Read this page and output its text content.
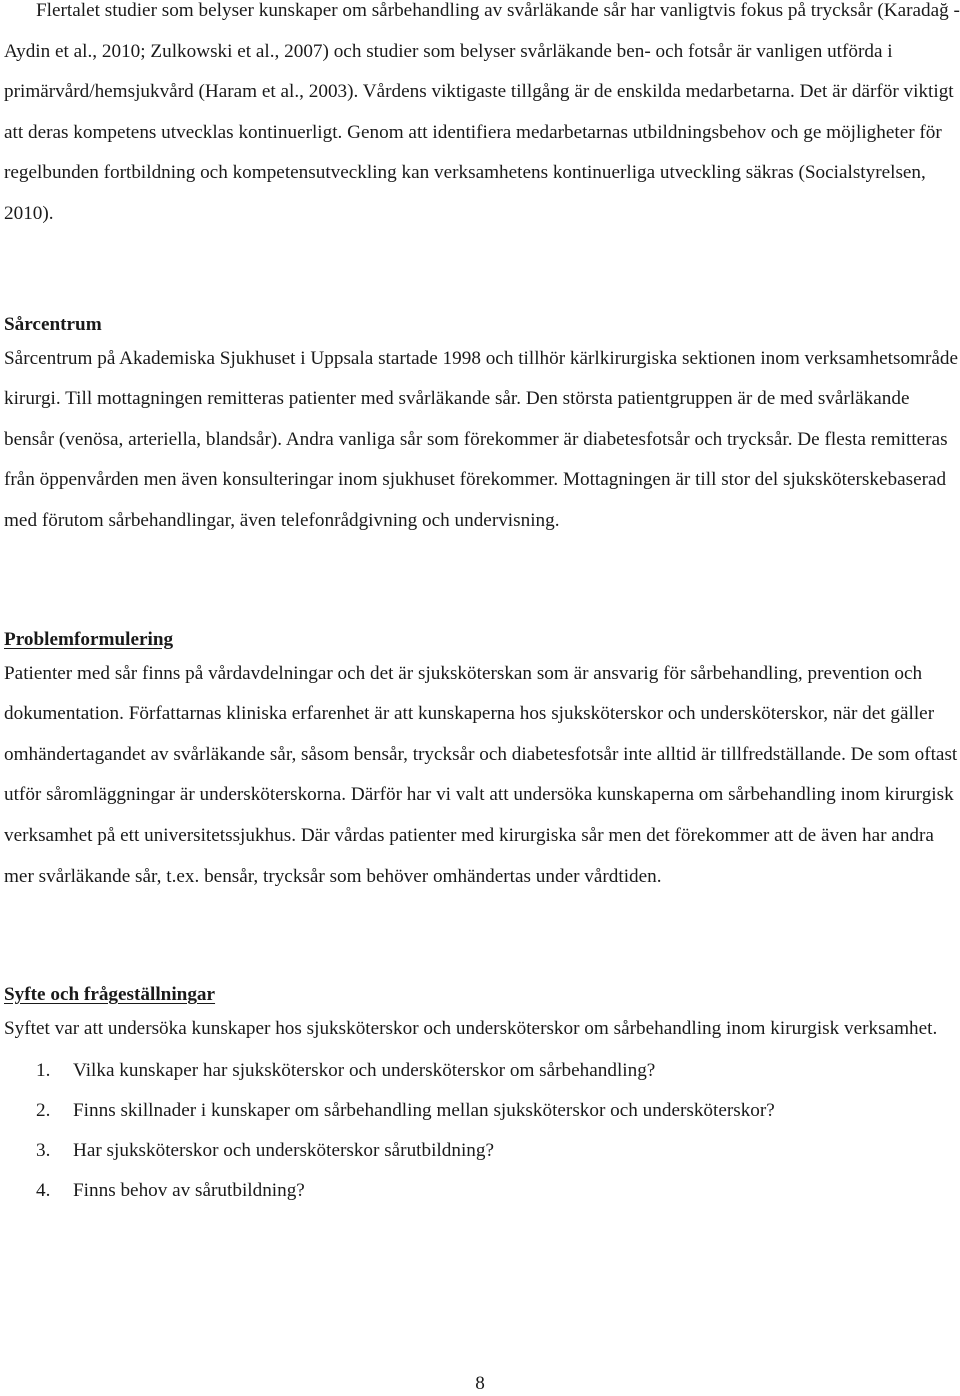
Flertalet studier som belyser kunskaper om sårbehandling av svårläkande sår har vanligtvis fokus på trycksår (Karadağ -Aydin et al., 2010; Zulkowski et al., 2007) och studier som belyser svårläkande ben- och fotsår är vanligen utförda i primärvård/hemsjukvård (Haram et al., 2003). Vårdens viktigaste tillgång är de enskilda medarbetarna. Det är därför viktigt att deras kompetens utvecklas kontinuerligt. Genom att identifiera medarbetarnas utbildningsbehov och ge möjligheter för regelbunden fortbildning och kompetensutveckling kan verksamhetens kontinuerliga utveckling säkras (Socialstyrelsen, 2010).

Sårcentrum

Sårcentrum på Akademiska Sjukhuset i Uppsala startade 1998 och tillhör kärlkirurgiska sektionen inom verksamhetsområde kirurgi. Till mottagningen remitteras patienter med svårläkande sår. Den största patientgruppen är de med svårläkande bensår (venösa, arteriella, blandsår). Andra vanliga sår som förekommer är diabetesfotsår och trycksår. De flesta remitteras från öppenvården men även konsulteringar inom sjukhuset förekommer. Mottagningen är till stor del sjuksköterskebaserad med förutom sårbehandlingar, även telefonrådgivning och undervisning.

Problemformulering

Patienter med sår finns på vårdavdelningar och det är sjuksköterskan som är ansvarig för sårbehandling, prevention och dokumentation. Författarnas kliniska erfarenhet är att kunskaperna hos sjuksköterskor och undersköterskor, när det gäller omhändertagandet av svårläkande sår, såsom bensår, trycksår och diabetesfotsår inte alltid är tillfredställande. De som oftast utför såromläggningar är undersköterskorna. Därför har vi valt att undersöka kunskaperna om sårbehandling inom kirurgisk verksamhet på ett universitetssjukhus. Där vårdas patienter med kirurgiska sår men det förekommer att de även har andra mer svårläkande sår, t.ex. bensår, trycksår som behöver omhändertas under vårdtiden.

Syfte och frågeställningar

Syftet var att undersöka kunskaper hos sjuksköterskor och undersköterskor om sårbehandling inom kirurgisk verksamhet.

1. Vilka kunskaper har sjuksköterskor och undersköterskor om sårbehandling?
2. Finns skillnader i kunskaper om sårbehandling mellan sjuksköterskor och undersköterskor?
3. Har sjuksköterskor och undersköterskor sårutbildning?
4. Finns behov av sårutbildning?
8
